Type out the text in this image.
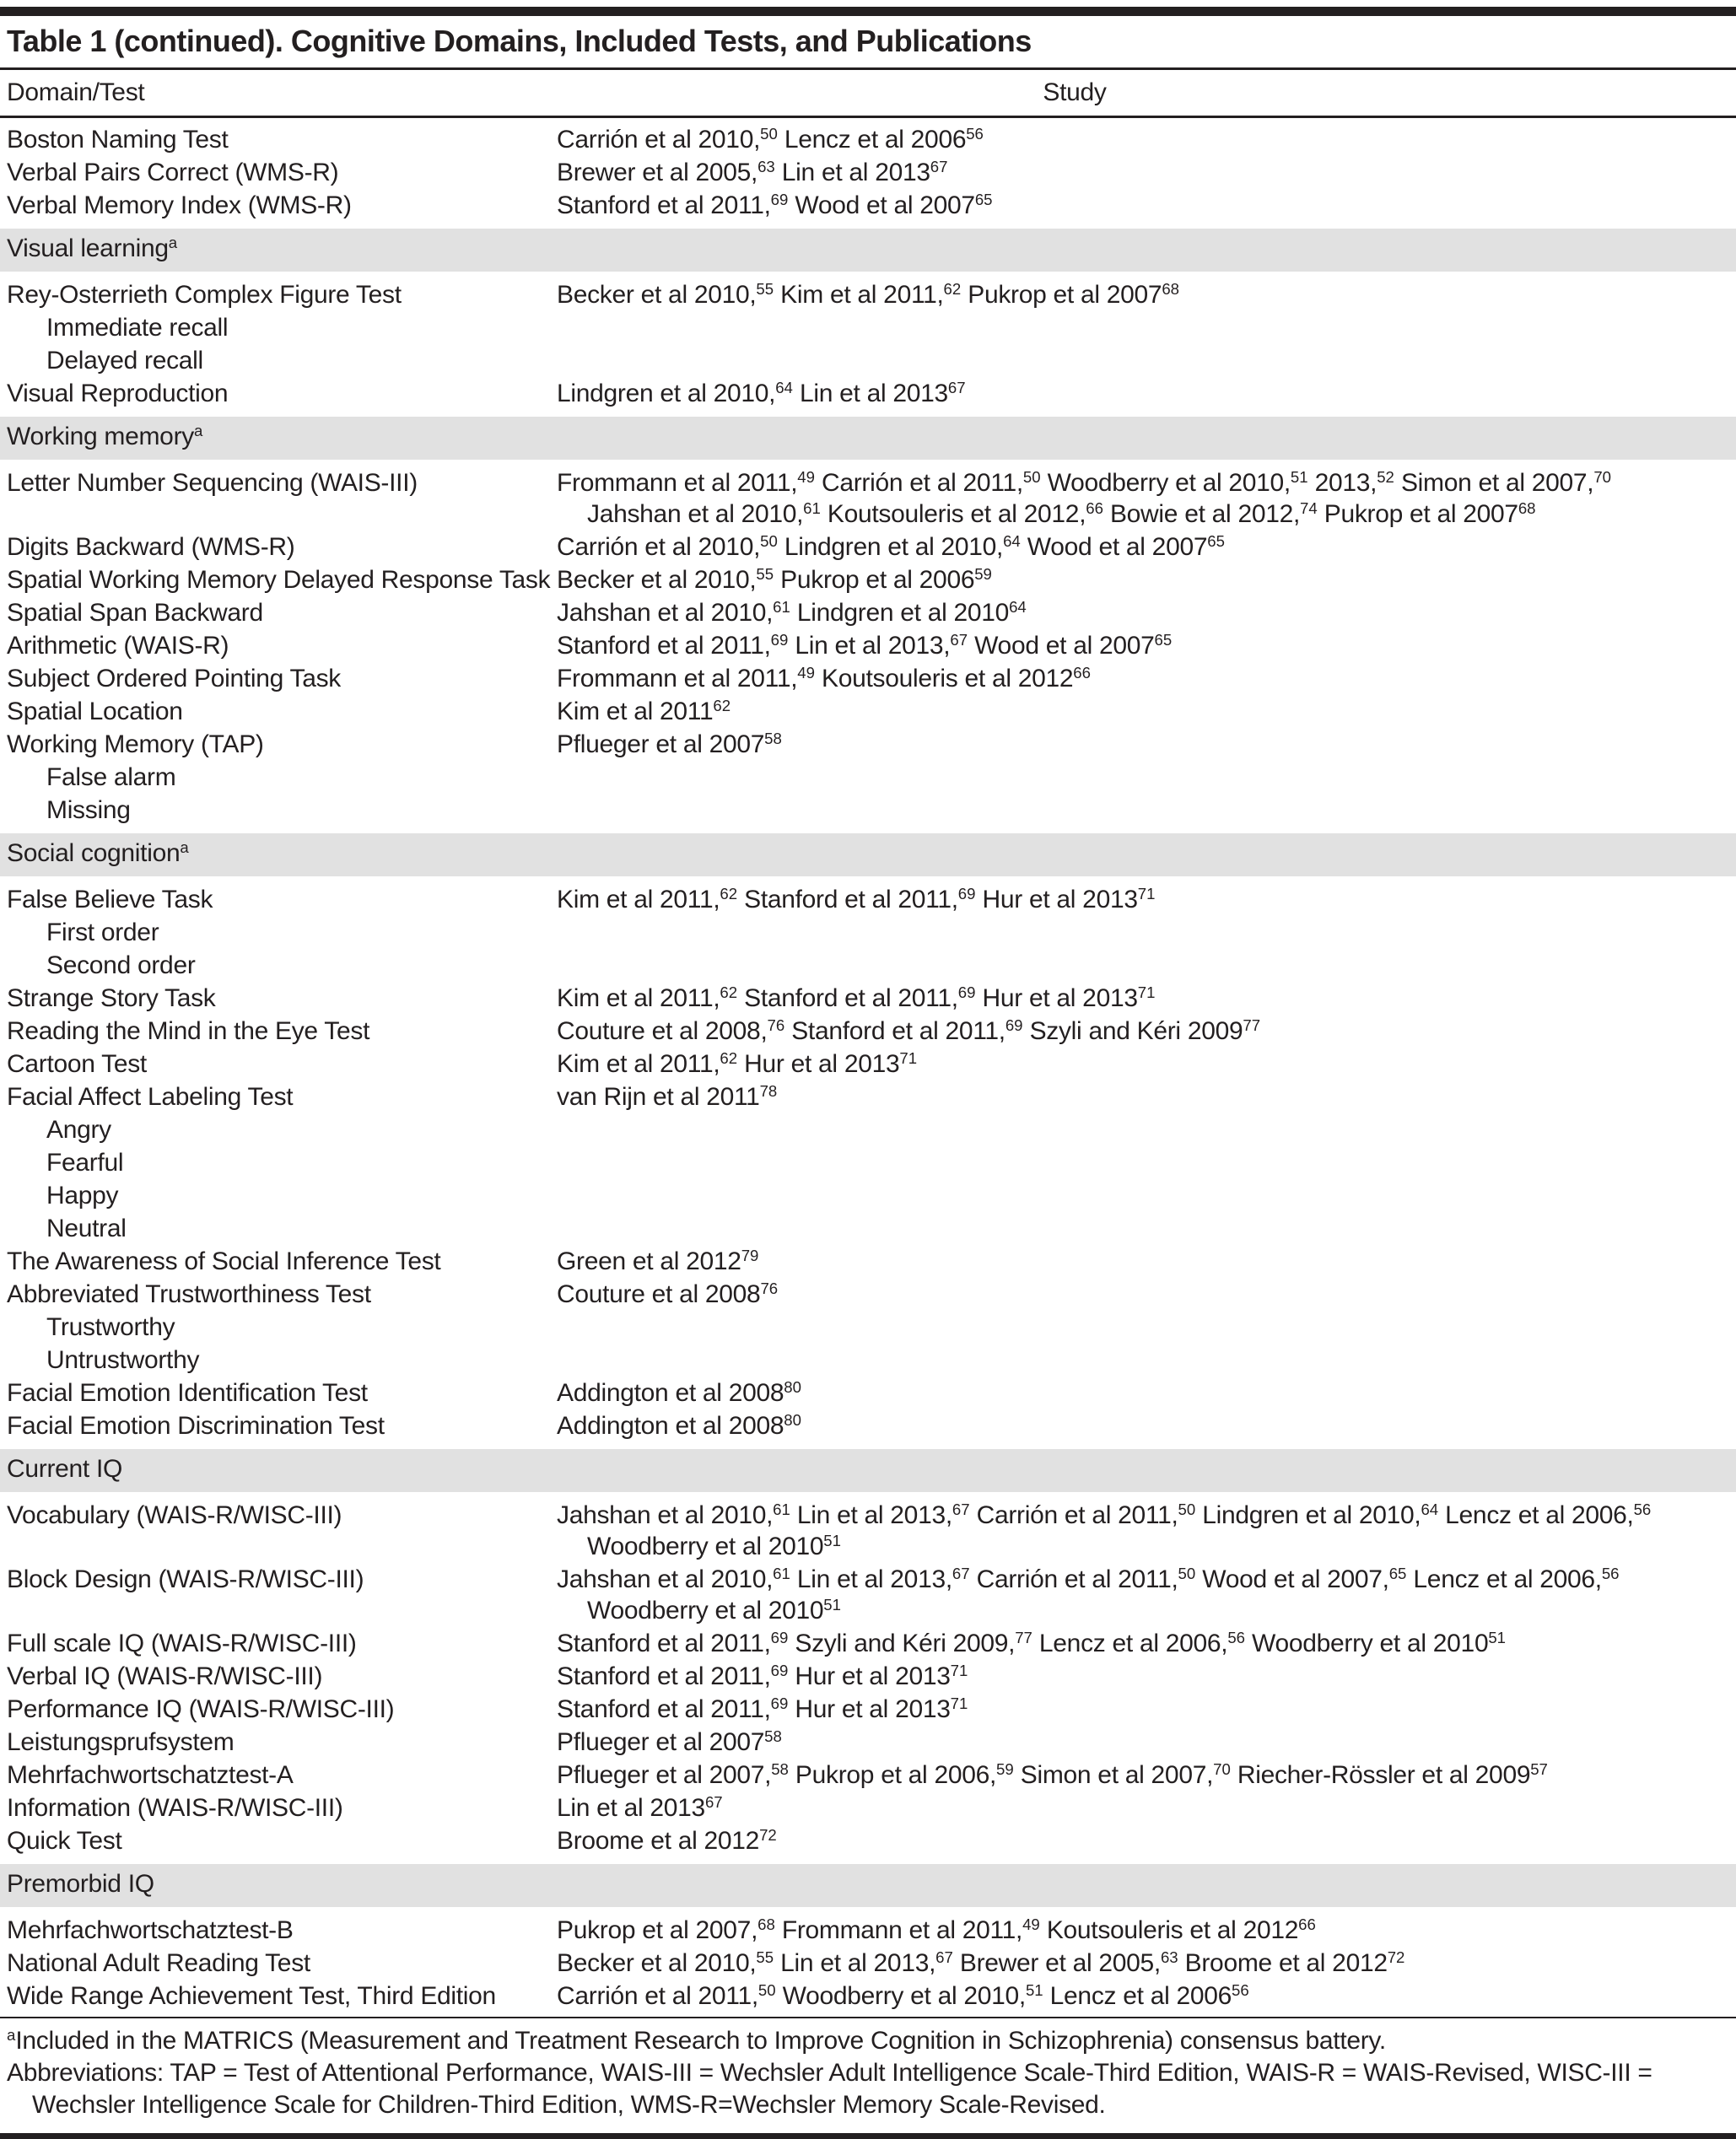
Table 1 (continued). Cognitive Domains, Included Tests, and Publications
Domain/Test	Study
Boston Naming Test	Carrión et al 2010,50 Lencz et al 2006$^{56}$
Verbal Pairs Correct (WMS-R)	Brewer et al 2005,63 Lin et al 2013$^{67}$
Verbal Memory Index (WMS-R)	Stanford et al 2011,69 Wood et al 2007$^{65}$
Visual learning$^a$
Rey-Osterrieth Complex Figure Test	Becker et al 2010,55 Kim et al 2011,62 Pukrop et al 2007$^{68}$
Immediate recall
Delayed recall
Visual Reproduction	Lindgren et al 2010,64 Lin et al 2013$^{67}$
Working memory$^a$
Letter Number Sequencing (WAIS-III)	Frommann et al 2011,49 Carrión et al 2011,50 Woodberry et al 2010,51 2013,52 Simon et al 2007,70
Jahshan et al 2010,61 Koutsouleris et al 2012,66 Bowie et al 2012,74 Pukrop et al 2007$^{68}$
Digits Backward (WMS-R)	Carrión et al 2010,50 Lindgren et al 2010,64 Wood et al 2007$^{65}$
Spatial Working Memory Delayed Response Task Becker et al 2010,55 Pukrop et al 2006$^{59}$
Spatial Span Backward	Jahshan et al 2010,61 Lindgren et al 2010$^{64}$
Arithmetic (WAIS-R)	Stanford et al 2011,69 Lin et al 2013,67 Wood et al 2007$^{65}$
Subject Ordered Pointing Task	Frommann et al 2011,49 Koutsouleris et al 2012$^{66}$
Spatial Location	Kim et al 2011$^{62}$
Working Memory (TAP)	Pflueger et al 2007$^{58}$
False alarm
Missing
Social cognition$^a$
False Believe Task	Kim et al 2011,62 Stanford et al 2011,69 Hur et al 2013$^{71}$
First order
Second order
Strange Story Task	Kim et al 2011,62 Stanford et al 2011,69 Hur et al 2013$^{71}$
Reading the Mind in the Eye Test	Couture et al 2008,76 Stanford et al 2011,69 Szyli and Kéri 2009$^{77}$
Cartoon Test	Kim et al 2011,62 Hur et al 2013$^{71}$
Facial Affect Labeling Test	van Rijn et al 2011$^{78}$
Angry
Fearful
Happy
Neutral
The Awareness of Social Inference Test	Green et al 2012$^{79}$
Abbreviated Trustworthiness Test	Couture et al 2008$^{76}$
Trustworthy
Untrustworthy
Facial Emotion Identification Test	Addington et al 2008$^{80}$
Facial Emotion Discrimination Test	Addington et al 2008$^{80}$
Current IQ
Vocabulary (WAIS-R/WISC-III)	Jahshan et al 2010,61 Lin et al 2013,67 Carrión et al 2011,50 Lindgren et al 2010,64 Lencz et al 2006,56
Woodberry et al 2010$^{51}$
Block Design (WAIS-R/WISC-III)	Jahshan et al 2010,61 Lin et al 2013,67 Carrión et al 2011,50 Wood et al 2007,65 Lencz et al 2006,56
Woodberry et al 2010$^{51}$
Full scale IQ (WAIS-R/WISC-III)	Stanford et al 2011,69 Szyli and Kéri 2009,77 Lencz et al 2006,56 Woodberry et al 2010$^{51}$
Verbal IQ (WAIS-R/WISC-III)	Stanford et al 2011,69 Hur et al 2013$^{71}$
Performance IQ (WAIS-R/WISC-III)	Stanford et al 2011,69 Hur et al 2013$^{71}$
Leistungsprufsystem	Pflueger et al 2007$^{58}$
Mehrfachwortschatztest-A	Pflueger et al 2007,58 Pukrop et al 2006,59 Simon et al 2007,70 Riecher-Rössler et al 2009$^{57}$
Information (WAIS-R/WISC-III)	Lin et al 2013$^{67}$
Quick Test	Broome et al 2012$^{72}$
Premorbid IQ
Mehrfachwortschatztest-B	Pukrop et al 2007,68 Frommann et al 2011,49 Koutsouleris et al 2012$^{66}$
National Adult Reading Test	Becker et al 2010,55 Lin et al 2013,67 Brewer et al 2005,63 Broome et al 2012$^{72}$
Wide Range Achievement Test, Third Edition	Carrión et al 2011,50 Woodberry et al 2010,51 Lencz et al 2006$^{56}$
$^a$Included in the MATRICS (Measurement and Treatment Research to Improve Cognition in Schizophrenia) consensus battery.
Abbreviations: TAP = Test of Attentional Performance, WAIS-III = Wechsler Adult Intelligence Scale-Third Edition, WAIS-R = WAIS-Revised, WISC-III = Wechsler Intelligence Scale for Children-Third Edition, WMS-R=Wechsler Memory Scale-Revised.
